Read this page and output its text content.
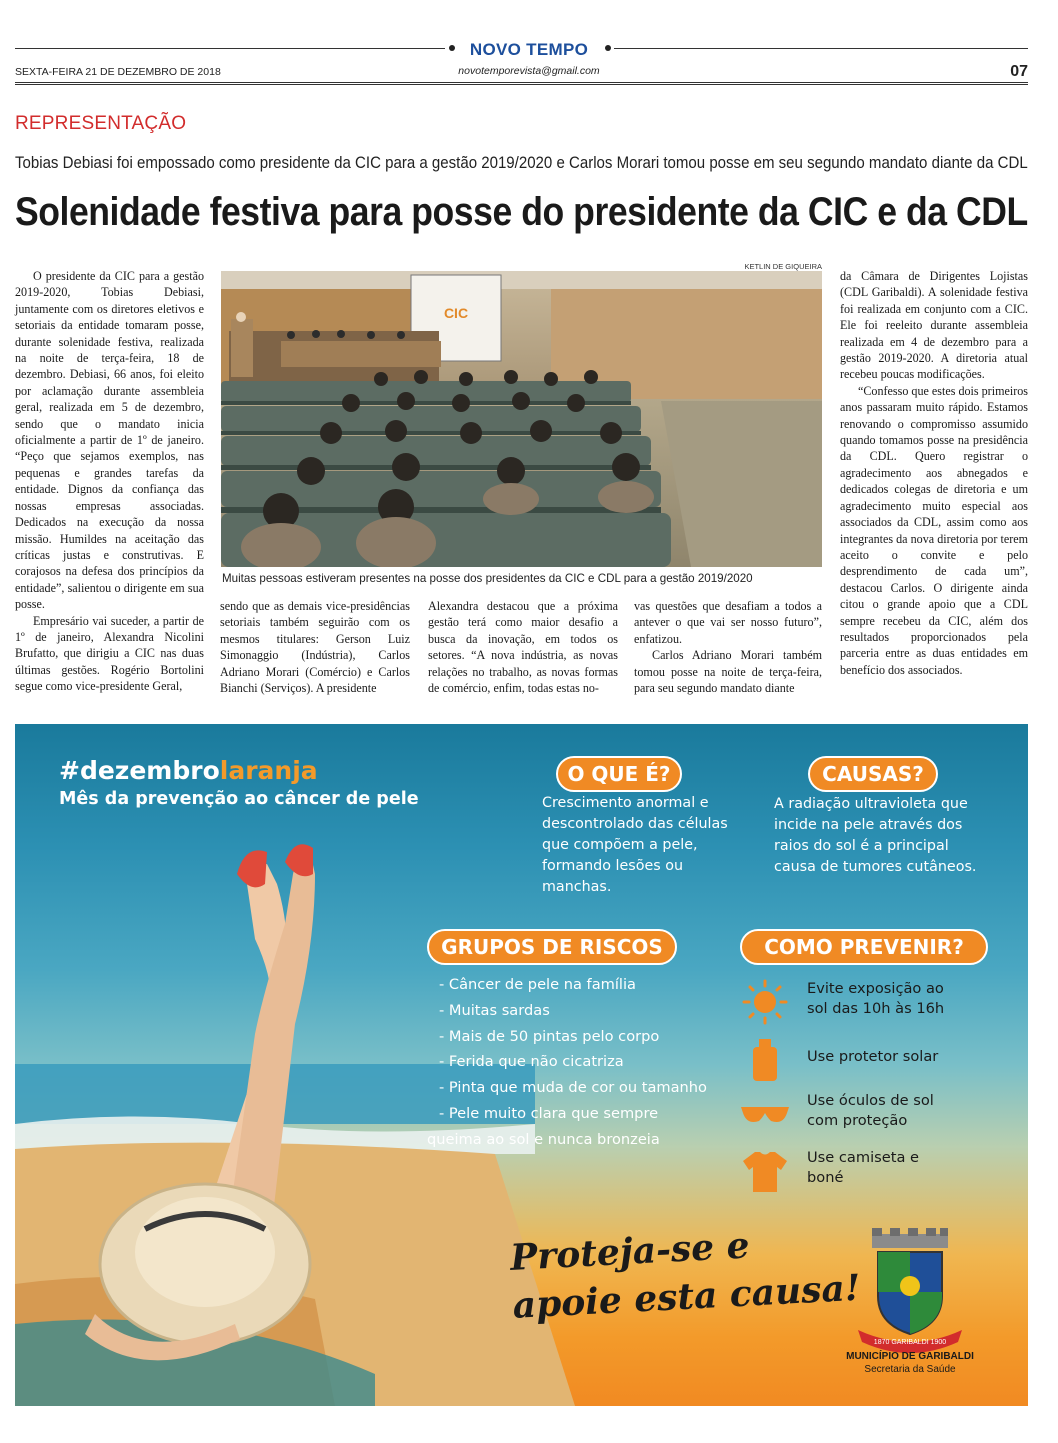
NOVO TEMPO
SEXTA-FEIRA 21 DE DEZEMBRO DE 2018	novotemporevista@gmail.com	07
REPRESENTAÇÃO
Tobias Debiasi foi empossado como presidente da CIC para a gestão 2019/2020 e Carlos Morari tomou posse em seu segundo mandato diante da CDL
Solenidade festiva para posse do presidente da CIC e da CDL

O presidente da CIC para a gestão 2019-2020, Tobias Debiasi, juntamente com os diretores eletivos e setoriais da entidade tomaram posse, durante solenidade festiva, realizada na noite de terça-feira, 18 de dezembro. Debiasi, 66 anos, foi eleito por aclamação durante assembleia geral, realizada em 5 de dezembro, sendo que o mandato inicia oficialmente a partir de 1º de janeiro. “Peço que sejamos exemplos, nas pequenas e grandes tarefas da entidade. Dignos da confiança das nossas empresas associadas. Dedicados na execução da nossa missão. Humildes na aceitação das críticas justas e construtivas. E corajosos na defesa dos princípios da entidade”, salientou o dirigente em sua posse.

Empresário vai suceder, a partir de 1º de janeiro, Alexandra Nicolini Brufatto, que dirigiu a CIC nas duas últimas gestões. Rogério Bortolini segue como vice-presidente Geral,

KETLIN DE GIQUEIRA
CIC
Muitas pessoas estiveram presentes na posse dos presidentes da CIC e CDL para a gestão 2019/2020

sendo que as demais vice-presidências setoriais também seguirão com os mesmos titulares: Gerson Luiz Simonaggio (Indústria), Carlos Adriano Morari (Comércio) e Carlos Bianchi (Serviços). A presidente

Alexandra destacou que a próxima gestão terá como maior desafio a busca da inovação, em todos os setores. “A nova indústria, as novas relações no trabalho, as novas formas de comércio, enfim, todas estas no-

vas questões que desafiam a todos a antever o que vai ser nosso futuro”, enfatizou.

Carlos Adriano Morari também tomou posse na noite de terça-feira, para seu segundo mandato diante

da Câmara de Dirigentes Lojistas (CDL Garibaldi). A solenidade festiva foi realizada em conjunto com a CIC. Ele foi reeleito durante assembleia realizada em 4 de dezembro para a gestão 2019-2020. A diretoria atual recebeu poucas modificações.

“Confesso que estes dois primeiros anos passaram muito rápido. Estamos renovando o compromisso assumido quando tomamos posse na presidência da CDL. Quero registrar o agradecimento aos abnegados e dedicados colegas de diretoria e um agradecimento muito especial aos associados da CDL, assim como aos integrantes da nova diretoria por terem aceito o convite e pelo desprendimento de cada um”, destacou Carlos. O dirigente ainda citou o grande apoio que a CDL sempre recebeu da CIC, além dos resultados proporcionados pela parceria entre as duas entidades em benefício dos associados.

#dezembrolaranja
Mês da prevenção ao câncer de pele
O QUE É?
Crescimento anormal e descontrolado das células que compõem a pele, formando lesões ou manchas.
CAUSAS?
A radiação ultravioleta que incide na pele através dos raios do sol é a principal causa de tumores cutâneos.
GRUPOS DE RISCOS
- Câncer de pele na família
- Muitas sardas
- Mais de 50 pintas pelo corpo
- Ferida que não cicatriza
- Pinta que muda de cor ou tamanho
- Pele muito clara que sempre
queima ao sol e nunca bronzeia
COMO PREVENIR?
Evite exposição ao
sol das 10h às 16h
Use protetor solar
Use óculos de sol
com proteção
Use camiseta e
boné
Proteja-se e
apoie esta causa!
1870 GARIBALDI 1900
MUNICÍPIO DE GARIBALDI
Secretaria da Saúde
